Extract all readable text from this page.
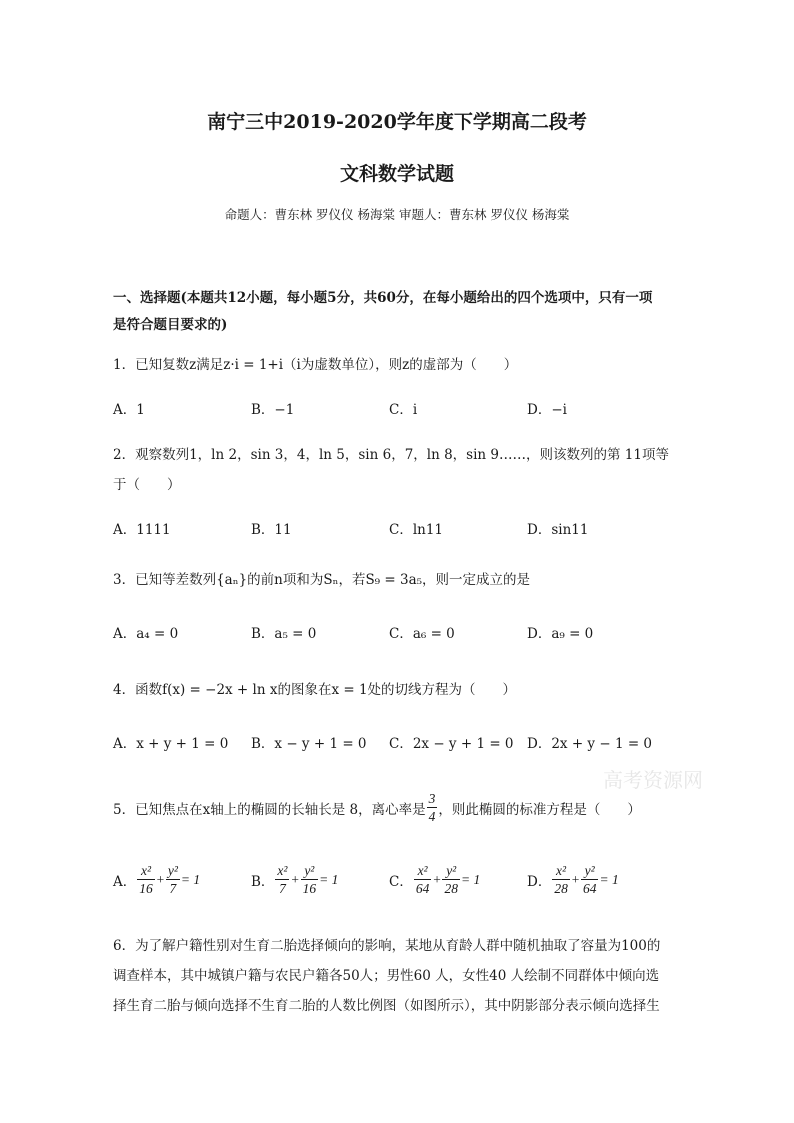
南宁三中2019-2020学年度下学期高二段考
文科数学试题
命题人：曹东林 罗仪仪 杨海棠 审题人：曹东林 罗仪仪 杨海棠
一、选择题(本题共12小题，每小题5分，共60分，在每小题给出的四个选项中，只有一项
是符合题目要求的)
1．已知复数z满足z·i = 1+i（i为虚数单位），则z的虚部为（　　）
A．1	B．−1	C．i	D．−i
2．观察数列1，ln 2，sin 3，4，ln 5，sin 6，7，ln 8，sin 9……，则该数列的第 11项等
于（　　）
A．1111	B．11	C．ln11	D．sin11
3．已知等差数列{aₙ}的前n项和为Sₙ，若S₉ = 3a₅，则一定成立的是
A．a₄ = 0	B．a₅ = 0	C．a₆ = 0	D．a₉ = 0
4．函数f(x) = −2x + ln x的图象在x = 1处的切线方程为（　　）
A．x + y + 1 = 0 B．x − y + 1 = 0 C．2x − y + 1 = 0 D．2x + y − 1 = 0
高考资源网
5．已知焦点在x轴上的椭圆的长轴长是 8，离心率是 $\frac{3}{4}$ ，则此椭圆的标准方程是（　　）
A． $\frac{\text{x²}}{16} + \frac{\text{y²}}{7} = 1$	B． $\frac{\text{x²}}{7} + \frac{\text{y²}}{16} = 1$	C． $\frac{\text{x²}}{64} + \frac{\text{y²}}{28} = 1$	D． $\frac{\text{x²}}{28} + \frac{\text{y²}}{64} = 1$
6．为了解户籍性别对生育二胎选择倾向的影响，某地从育龄人群中随机抽取了容量为100的
调查样本，其中城镇户籍与农民户籍各50人；男性60 人，女性40 人绘制不同群体中倾向选
择生育二胎与倾向选择不生育二胎的人数比例图（如图所示），其中阴影部分表示倾向选择生
